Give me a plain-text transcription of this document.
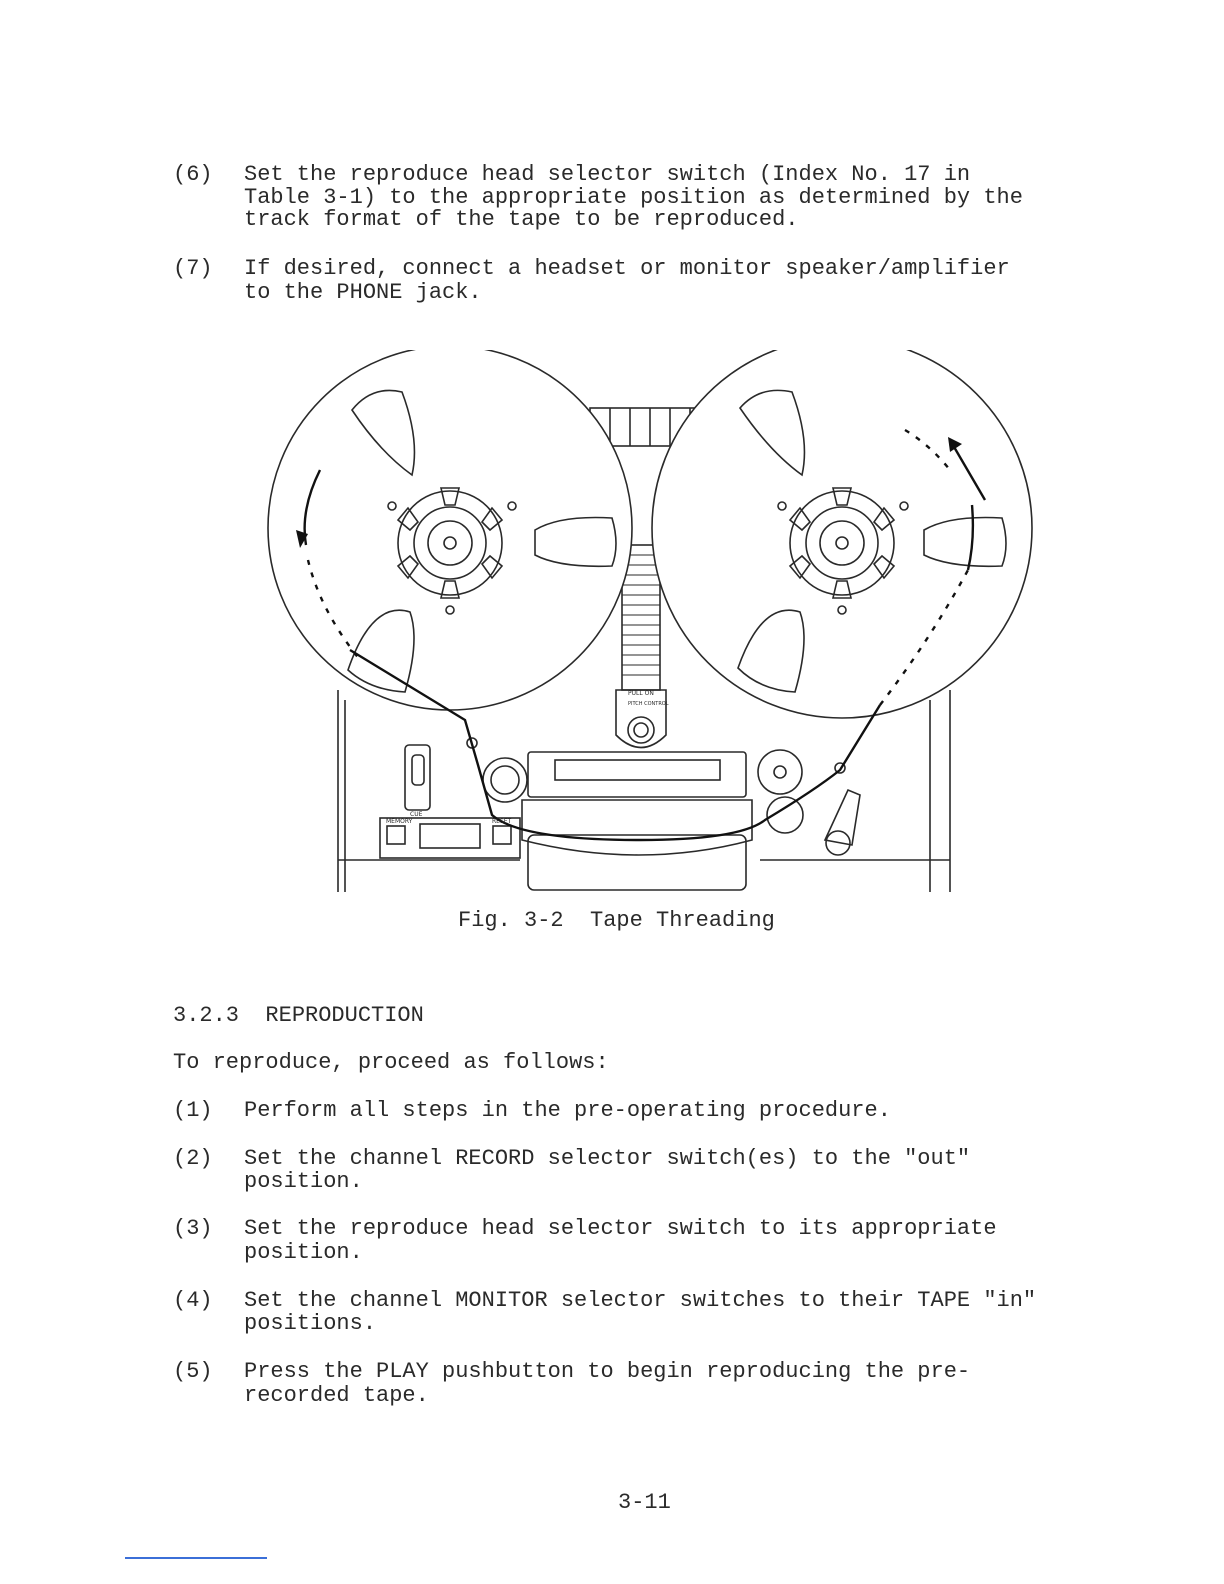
(6) Set the reproduce head selector switch (Index No. 17 in
Table 3-1) to the appropriate position as determined by the
track format of the tape to be reproduced.
(7) If desired, connect a headset or monitor speaker/amplifier
to the PHONE jack.
PULL ON
PITCH CONTROL
MEMORY	RESET
CUE
Fig. 3-2  Tape Threading
3.2.3  REPRODUCTION
To reproduce, proceed as follows:
(1) Perform all steps in the pre-operating procedure.
(2) Set the channel RECORD selector switch(es) to the "out"
position.
(3) Set the reproduce head selector switch to its appropriate
position.
(4) Set the channel MONITOR selector switches to their TAPE "in"
positions.
(5) Press the PLAY pushbutton to begin reproducing the pre-
recorded tape.
3-11
